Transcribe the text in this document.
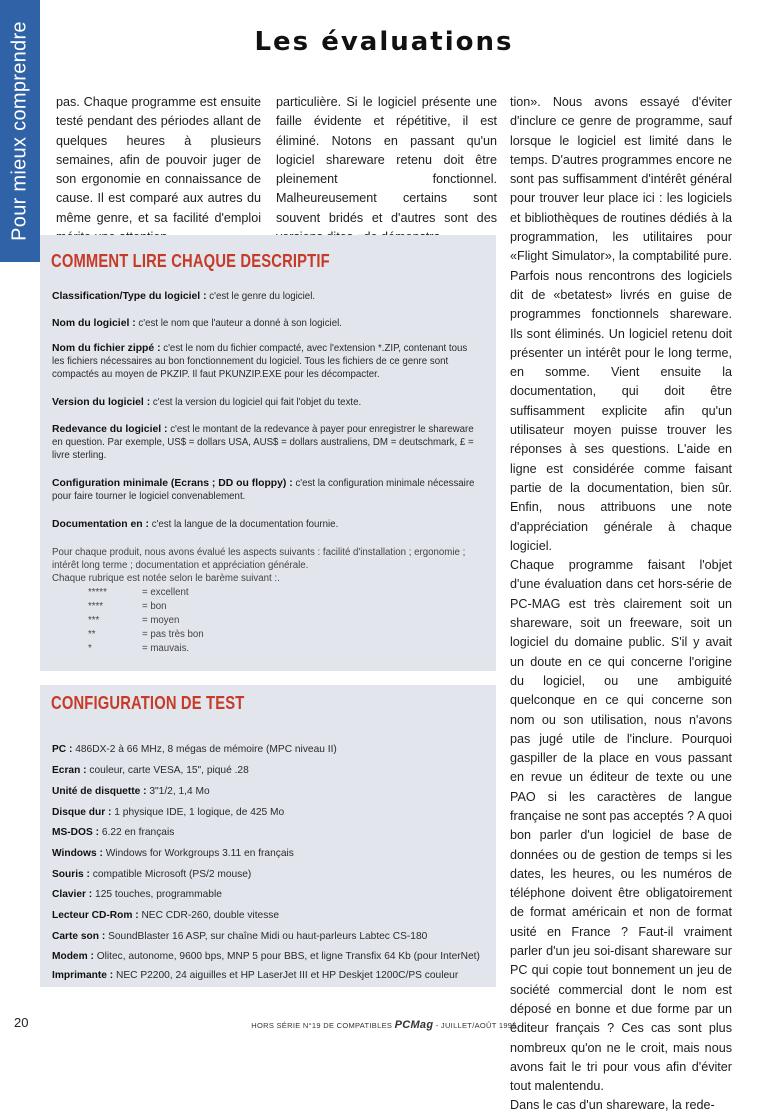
Pour mieux comprendre	Les évaluations
pas. Chaque programme est ensuite testé pendant des périodes allant de quelques heures à plusieurs semaines, afin de pouvoir juger de son ergonomie en connaissance de cause. Il est comparé aux autres du même genre, et sa facilité d'emploi
particulière. Si le logiciel présente une faille évidente et répétitive, il est éliminé. Notons en passant qu'un logiciel shareware retenu doit être pleinement fonctionnel. Malheureusement certains sont souvent bridés et d'autres sont des

tion». Nous avons essayé d'éviter d'inclure ce genre de programme, sauf lorsque le logiciel est limité dans le temps. D'autres programmes encore ne sont pas suffisamment d'intérêt général pour trouver leur place ici : les logiciels et bibliothèques de routines dédiés à la programmation, les utilitaires pour «Flight Simulator», la comptabilité pure. Parfois nous rencontrons des logiciels dit de «betatest» livrés en guise de programmes fonctionnels shareware. Ils sont éliminés. Un logiciel retenu doit présenter un intérêt pour le long terme, en somme. Vient ensuite la documentation, qui doit être suffisamment explicite afin qu'un utilisateur moyen puisse trouver les réponses à ses questions. L'aide en ligne est considérée comme faisant partie de la documentation, bien sûr. Enfin, nous attribuons une note d'appréciation générale à chaque logiciel.

Chaque programme faisant l'objet d'une évaluation dans cet hors-série de PC-MAG est très clairement soit un shareware, soit un freeware, soit un logiciel du domaine public. S'il y avait un doute en ce qui concerne l'origine du logiciel, ou une ambiguité quelconque en ce qui concerne son nom ou son utilisation, nous n'avons pas jugé utile de l'inclure. Pourquoi gaspiller de la place en vous passant en revue un éditeur de texte ou une PAO si les caractères de langue française ne sont pas acceptés ? A quoi bon parler d'un logiciel de base de données ou de gestion de temps si les dates, les heures, ou les numéros de téléphone doivent être obligatoirement de format américain et non de format usité en France ? Faut-il vraiment parler d'un jeu soi-disant shareware sur PC qui copie tout bonnement un jeu de société commercial dont le nom est déposé en bonne et due forme par un éditeur français ? Ces cas sont plus nombreux qu'on ne le croit, mais nous avons fait le tri pour vous afin d'éviter tout malentendu.

Dans le cas d'un shareware, la rede-

COMMENT LIRE CHAQUE DESCRIPTIF
Classification/Type du logiciel : c'est le genre du logiciel.
Nom du logiciel : c'est le nom que l'auteur a donné à son logiciel.
Nom du fichier zippé : c'est le nom du fichier compacté, avec l'extension *.ZIP, contenant tous les fichiers nécessaires au bon fonctionnement du logiciel. Tous les fichiers de ce genre sont compactés au moyen de PKZIP. Il faut PKUNZIP.EXE pour les décompacter.
Version du logiciel : c'est la version du logiciel qui fait l'objet du texte.
Redevance du logiciel : c'est le montant de la redevance à payer pour enregistrer le shareware en question. Par exemple, US$ = dollars USA, AUS$ = dollars australiens, DM = deutschmark, £ = livre sterling.
Configuration minimale (Ecrans ; DD ou floppy) : c'est la configuration minimale nécessaire pour faire tourner le logiciel convenablement.
Documentation en : c'est la langue de la documentation fournie.
Pour chaque produit, nous avons évalué les aspects suivants : facilité d'installation ; ergonomie ; intérêt long terme ; documentation et appréciation générale.
Chaque rubrique est notée selon le barème suivant :.
*****	= excellent
****	= bon
***	= moyen
**	= pas très bon
*	= mauvais.
CONFIGURATION DE TEST
PC : 486DX-2 à 66 MHz, 8 mégas de mémoire (MPC niveau II)
Ecran : couleur, carte VESA, 15", piqué .28
Unité de disquette : 3"1/2, 1,4 Mo
Disque dur : 1 physique IDE, 1 logique, de 425 Mo
MS-DOS : 6.22 en français
Windows : Windows for Workgroups 3.11 en français
Souris : compatible Microsoft (PS/2 mouse)
Clavier : 125 touches, programmable
Lecteur CD-Rom : NEC CDR-260, double vitesse
Carte son : SoundBlaster 16 ASP, sur chaîne Midi ou haut-parleurs Labtec CS-180
Modem : Olitec, autonome, 9600 bps, MNP 5 pour BBS, et ligne Transfix 64 Kb (pour InterNet)
Imprimante : NEC P2200, 24 aiguilles et HP LaserJet III et HP Deskjet 1200C/PS couleur
20	HORS SÉRIE N°19 DE COMPATIBLES PCMag - JUILLET/AOÛT 1995
